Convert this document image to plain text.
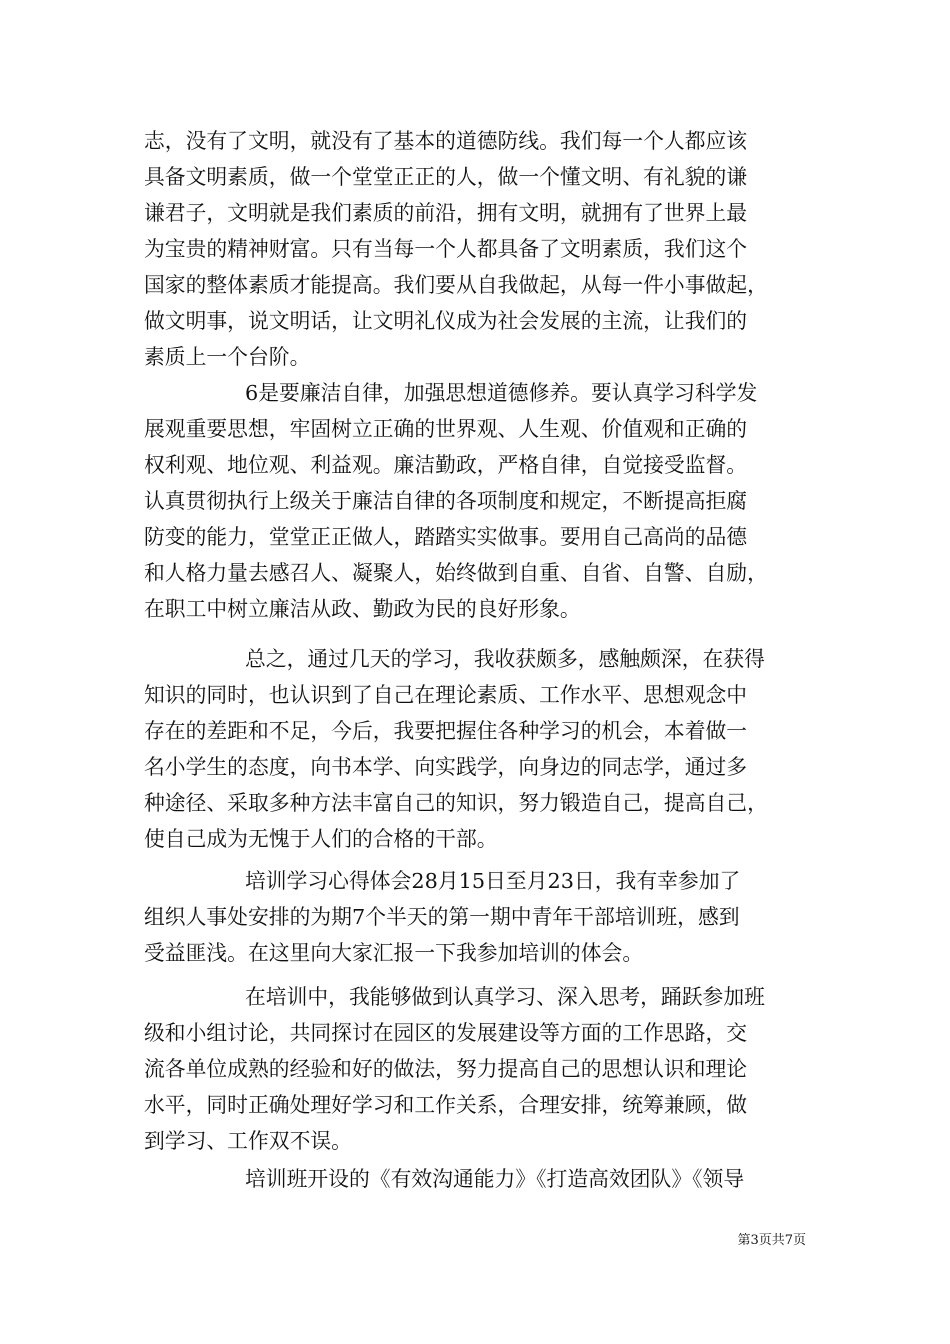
志，没有了文明，就没有了基本的道德防线。我们每一个人都应该

具备文明素质，做一个堂堂正正的人，做一个懂文明、有礼貌的谦

谦君子，文明就是我们素质的前沿，拥有文明，就拥有了世界上最

为宝贵的精神财富。只有当每一个人都具备了文明素质，我们这个

国家的整体素质才能提高。我们要从自我做起，从每一件小事做起，

做文明事，说文明话，让文明礼仪成为社会发展的主流，让我们的

素质上一个台阶。

6是要廉洁自律，加强思想道德修养。要认真学习科学发

展观重要思想，牢固树立正确的世界观、人生观、价值观和正确的

权利观、地位观、利益观。廉洁勤政，严格自律，自觉接受监督。

认真贯彻执行上级关于廉洁自律的各项制度和规定，不断提高拒腐

防变的能力，堂堂正正做人，踏踏实实做事。要用自己高尚的品德

和人格力量去感召人、凝聚人，始终做到自重、自省、自警、自励，

在职工中树立廉洁从政、勤政为民的良好形象。

总之，通过几天的学习，我收获颇多，感触颇深，在获得

知识的同时，也认识到了自己在理论素质、工作水平、思想观念中

存在的差距和不足，今后，我要把握住各种学习的机会，本着做一

名小学生的态度，向书本学、向实践学，向身边的同志学，通过多

种途径、采取多种方法丰富自己的知识，努力锻造自己，提高自己，

使自己成为无愧于人们的合格的干部。

培训学习心得体会28月15日至月23日，我有幸参加了

组织人事处安排的为期7个半天的第一期中青年干部培训班，感到

受益匪浅。在这里向大家汇报一下我参加培训的体会。

在培训中，我能够做到认真学习、深入思考，踊跃参加班

级和小组讨论，共同探讨在园区的发展建设等方面的工作思路，交

流各单位成熟的经验和好的做法，努力提高自己的思想认识和理论

水平，同时正确处理好学习和工作关系，合理安排，统筹兼顾，做

到学习、工作双不误。

培训班开设的《有效沟通能力》《打造高效团队》《领导

第3页共7页
